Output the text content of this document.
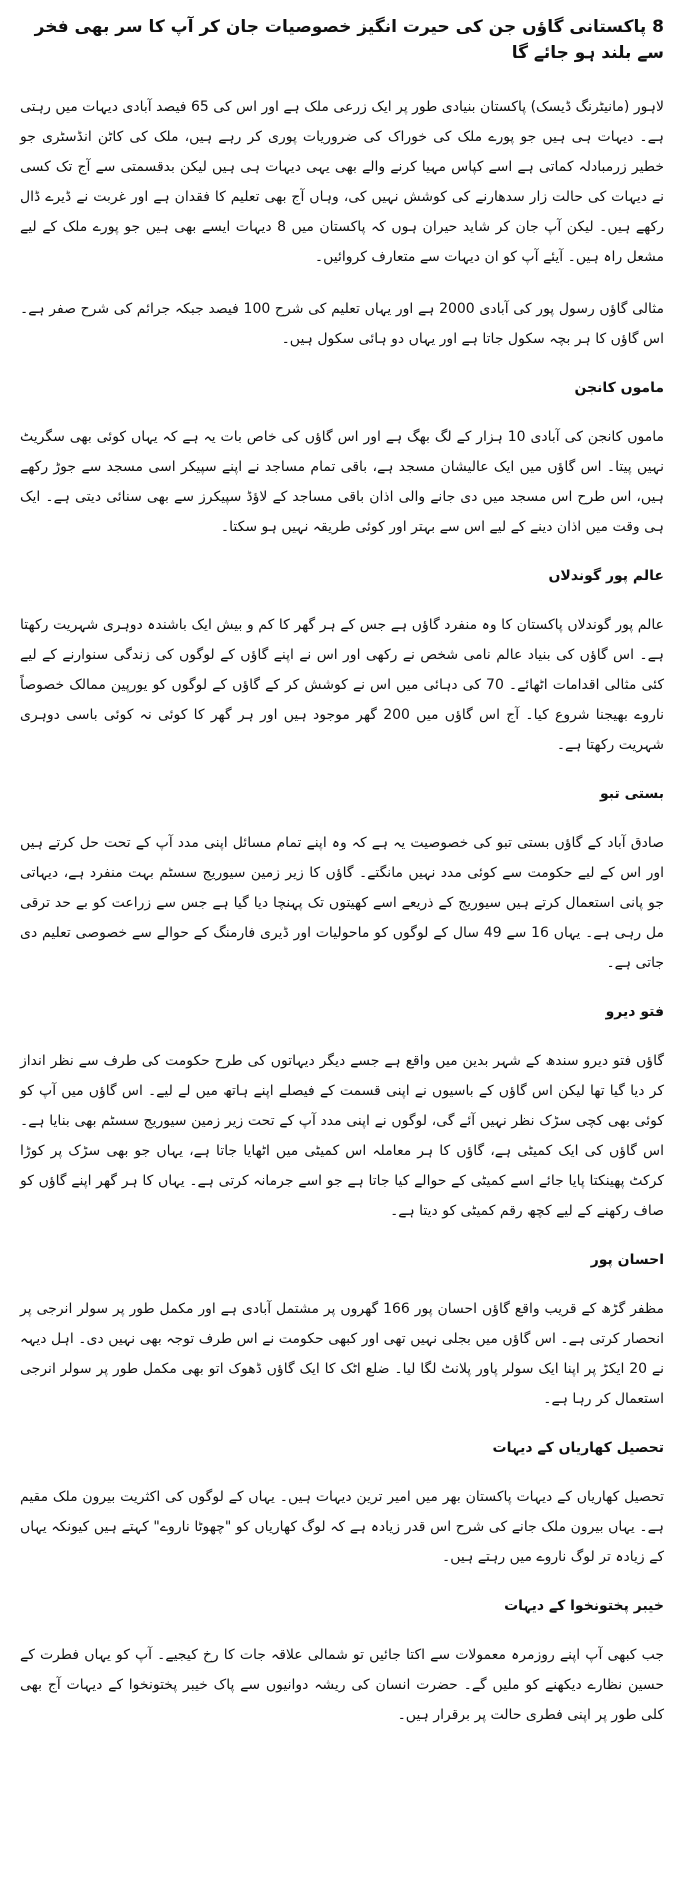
8 پاکستانی گاؤں جن کی حیرت انگیز خصوصیات جان کر آپ کا سر بھی فخر سے بلند ہو جائے گا

لاہور (مانیٹرنگ ڈیسک) پاکستان بنیادی طور پر ایک زرعی ملک ہے اور اس کی 65 فیصد آبادی دیہات میں رہتی ہے۔ دیہات ہی ہیں جو پورے ملک کی خوراک کی ضروریات پوری کر رہے ہیں، ملک کی کاٹن انڈسٹری جو خطیر زرمبادلہ کماتی ہے اسے کپاس مہیا کرنے والے بھی یہی دیہات ہی ہیں لیکن بدقسمتی سے آج تک کسی نے دیہات کی حالت زار سدھارنے کی کوشش نہیں کی، وہاں آج بھی تعلیم کا فقدان ہے اور غربت نے ڈیرے ڈال رکھے ہیں۔ لیکن آپ جان کر شاید حیران ہوں کہ پاکستان میں 8 دیہات ایسے بھی ہیں جو پورے ملک کے لیے مشعل راہ ہیں۔ آیئے آپ کو ان دیہات سے متعارف کروائیں۔

مثالی گاؤں رسول پور کی آبادی 2000 ہے اور یہاں تعلیم کی شرح 100 فیصد جبکہ جرائم کی شرح صفر ہے۔ اس گاؤں کا ہر بچہ سکول جاتا ہے اور یہاں دو ہائی سکول ہیں۔

ماموں کانجن

ماموں کانجن کی آبادی 10 ہزار کے لگ بھگ ہے اور اس گاؤں کی خاص بات یہ ہے کہ یہاں کوئی بھی سگریٹ نہیں پیتا۔ اس گاؤں میں ایک عالیشان مسجد ہے، باقی تمام مساجد نے اپنے سپیکر اسی مسجد سے جوڑ رکھے ہیں، اس طرح اس مسجد میں دی جانے والی اذان باقی مساجد کے لاؤڈ سپیکرز سے بھی سنائی دیتی ہے۔ ایک ہی وقت میں اذان دینے کے لیے اس سے بہتر اور کوئی طریقہ نہیں ہو سکتا۔

عالم پور گوندلاں

عالم پور گوندلاں پاکستان کا وہ منفرد گاؤں ہے جس کے ہر گھر کا کم و بیش ایک باشندہ دوہری شہریت رکھتا ہے۔ اس گاؤں کی بنیاد عالم نامی شخص نے رکھی اور اس نے اپنے گاؤں کے لوگوں کی زندگی سنوارنے کے لیے کئی مثالی اقدامات اٹھائے۔ 70 کی دہائی میں اس نے کوشش کر کے گاؤں کے لوگوں کو یورپین ممالک خصوصاً ناروے بھیجنا شروع کیا۔ آج اس گاؤں میں 200 گھر موجود ہیں اور ہر گھر کا کوئی نہ کوئی باسی دوہری شہریت رکھتا ہے۔

بستی تبو

صادق آباد کے گاؤں بستی تبو کی خصوصیت یہ ہے کہ وہ اپنے تمام مسائل اپنی مدد آپ کے تحت حل کرتے ہیں اور اس کے لیے حکومت سے کوئی مدد نہیں مانگتے۔ گاؤں کا زیر زمین سیوریج سسٹم بہت منفرد ہے، دیہاتی جو پانی استعمال کرتے ہیں سیوریج کے ذریعے اسے کھیتوں تک پہنچا دیا گیا ہے جس سے زراعت کو بے حد ترقی مل رہی ہے۔ یہاں 16 سے 49 سال کے لوگوں کو ماحولیات اور ڈیری فارمنگ کے حوالے سے خصوصی تعلیم دی جاتی ہے۔

فتو دیرو

گاؤں فتو دیرو سندھ کے شہر بدین میں واقع ہے جسے دیگر دیہاتوں کی طرح حکومت کی طرف سے نظر انداز کر دیا گیا تھا لیکن اس گاؤں کے باسیوں نے اپنی قسمت کے فیصلے اپنے ہاتھ میں لے لیے۔ اس گاؤں میں آپ کو کوئی بھی کچی سڑک نظر نہیں آئے گی، لوگوں نے اپنی مدد آپ کے تحت زیر زمین سیوریج سسٹم بھی بنایا ہے۔ اس گاؤں کی ایک کمیٹی ہے، گاؤں کا ہر معاملہ اس کمیٹی میں اٹھایا جاتا ہے، یہاں جو بھی سڑک پر کوڑا کرکٹ پھینکتا پایا جائے اسے کمیٹی کے حوالے کیا جاتا ہے جو اسے جرمانہ کرتی ہے۔ یہاں کا ہر گھر اپنے گاؤں کو صاف رکھنے کے لیے کچھ رقم کمیٹی کو دیتا ہے۔

احسان پور

مظفر گڑھ کے قریب واقع گاؤں احسان پور 166 گھروں پر مشتمل آبادی ہے اور مکمل طور پر سولر انرجی پر انحصار کرتی ہے۔ اس گاؤں میں بجلی نہیں تھی اور کبھی حکومت نے اس طرف توجہ بھی نہیں دی۔ اہل دیہہ نے 20 ایکڑ پر اپنا ایک سولر پاور پلانٹ لگا لیا۔ ضلع اٹک کا ایک گاؤں ڈھوک اتو بھی مکمل طور پر سولر انرجی استعمال کر رہا ہے۔

تحصیل کھاریاں کے دیہات

تحصیل کھاریاں کے دیہات پاکستان بھر میں امیر ترین دیہات ہیں۔ یہاں کے لوگوں کی اکثریت بیرون ملک مقیم ہے۔ یہاں بیرون ملک جانے کی شرح اس قدر زیادہ ہے کہ لوگ کھاریاں کو "چھوٹا ناروے" کہتے ہیں کیونکہ یہاں کے زیادہ تر لوگ ناروے میں رہتے ہیں۔

خیبر پختونخوا کے دیہات

جب کبھی آپ اپنے روزمرہ معمولات سے اکتا جائیں تو شمالی علاقہ جات کا رخ کیجیے۔ آپ کو یہاں فطرت کے حسین نظارے دیکھنے کو ملیں گے۔ حضرت انسان کی ریشہ دوانیوں سے پاک خیبر پختونخوا کے دیہات آج بھی کلی طور پر اپنی فطری حالت پر برقرار ہیں۔
